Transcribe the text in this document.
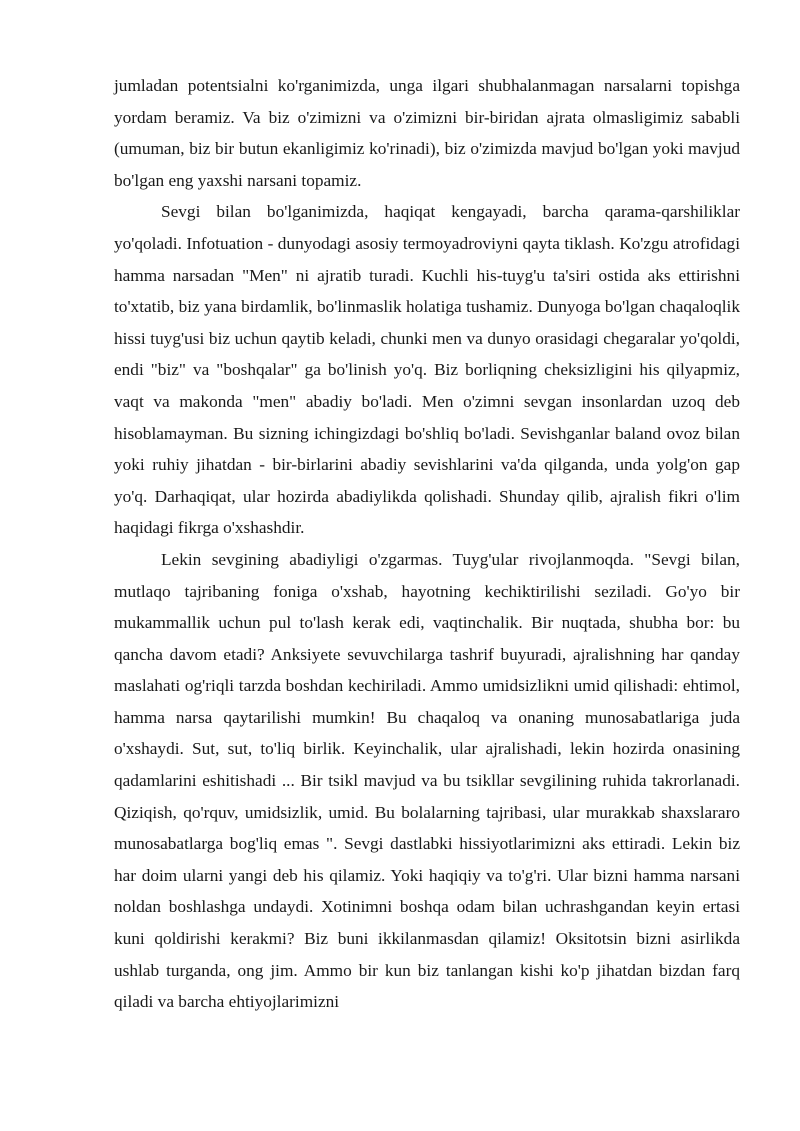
jumladan potentsialni ko'rganimizda, unga ilgari shubhalanmagan narsalarni topishga yordam beramiz. Va biz o'zimizni va o'zimizni bir-biridan ajrata olmasligimiz sababli (umuman, biz bir butun ekanligimiz ko'rinadi), biz o'zimizda mavjud bo'lgan yoki mavjud bo'lgan eng yaxshi narsani topamiz.

Sevgi bilan bo'lganimizda, haqiqat kengayadi, barcha qarama-qarshiliklar yo'qoladi. Infotuation - dunyodagi asosiy termoyadroviyni qayta tiklash. Ko'zgu atrofidagi hamma narsadan "Men" ni ajratib turadi. Kuchli his-tuyg'u ta'siri ostida aks ettirishni to'xtatib, biz yana birdamlik, bo'linmaslik holatiga tushamiz. Dunyoga bo'lgan chaqaloqlik hissi tuyg'usi biz uchun qaytib keladi, chunki men va dunyo orasidagi chegaralar yo'qoldi, endi "biz" va "boshqalar" ga bo'linish yo'q. Biz borliqning cheksizligini his qilyapmiz, vaqt va makonda "men" abadiy bo'ladi. Men o'zimni sevgan insonlardan uzoq deb hisoblamayman. Bu sizning ichingizdagi bo'shliq bo'ladi. Sevishganlar baland ovoz bilan yoki ruhiy jihatdan - bir-birlarini abadiy sevishlarini va'da qilganda, unda yolg'on gap yo'q. Darhaqiqat, ular hozirda abadiylikda qolishadi. Shunday qilib, ajralish fikri o'lim haqidagi fikrga o'xshashdir.

Lekin sevgining abadiyligi o'zgarmas. Tuyg'ular rivojlanmoqda. "Sevgi bilan, mutlaqo tajribaning foniga o'xshab, hayotning kechiktirilishi seziladi. Go'yo bir mukammallik uchun pul to'lash kerak edi, vaqtinchalik. Bir nuqtada, shubha bor: bu qancha davom etadi? Anksiyete sevuvchilarga tashrif buyuradi, ajralishning har qanday maslahati og'riqli tarzda boshdan kechiriladi. Ammo umidsizlikni umid qilishadi: ehtimol, hamma narsa qaytarilishi mumkin! Bu chaqaloq va onaning munosabatlariga juda o'xshaydi. Sut, sut, to'liq birlik. Keyinchalik, ular ajralishadi, lekin hozirda onasining qadamlarini eshitishadi ... Bir tsikl mavjud va bu tsikllar sevgilining ruhida takrorlanadi. Qiziqish, qo'rquv, umidsizlik, umid. Bu bolalarning tajribasi, ular murakkab shaxslararo munosabatlarga bog'liq emas ". Sevgi dastlabki hissiyotlarimizni aks ettiradi. Lekin biz har doim ularni yangi deb his qilamiz. Yoki haqiqiy va to'g'ri. Ular bizni hamma narsani noldan boshlashga undaydi. Xotinimni boshqa odam bilan uchrashgandan keyin ertasi kuni qoldirishi kerakmi? Biz buni ikkilanmasdan qilamiz! Oksitotsin bizni asirlikda ushlab turganda, ong jim. Ammo bir kun biz tanlangan kishi ko'p jihatdan bizdan farq qiladi va barcha ehtiyojlarimizni
